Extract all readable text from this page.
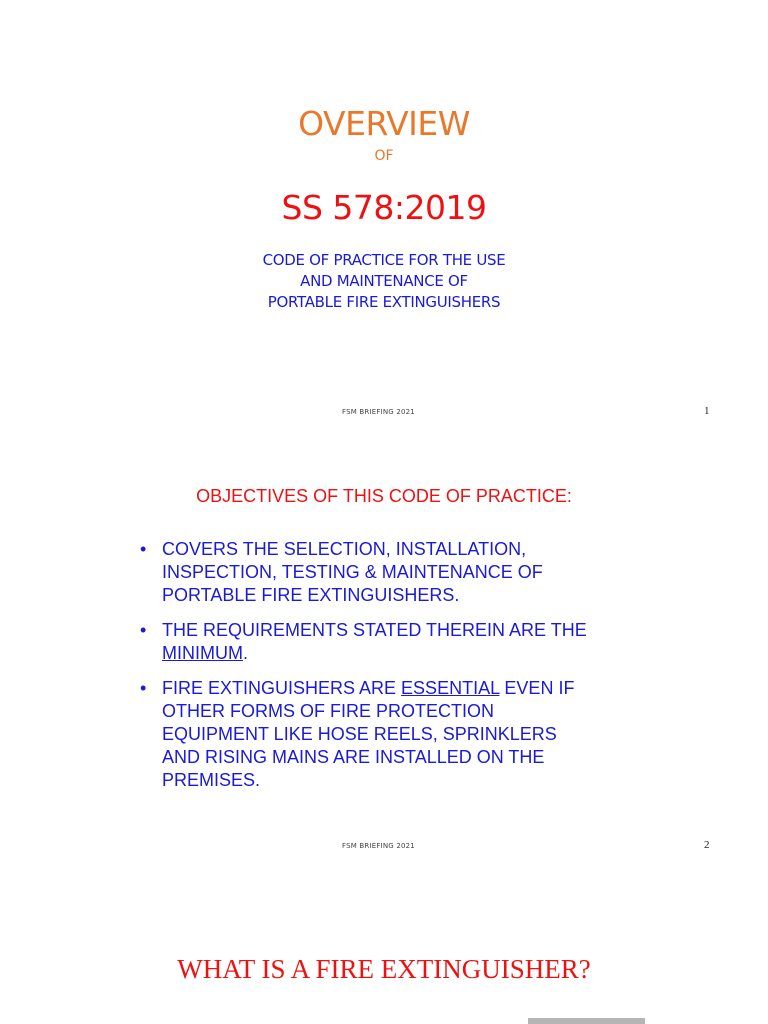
OVERVIEW
OF
SS 578:2019
CODE OF PRACTICE FOR THE USE
AND MAINTENANCE OF
PORTABLE FIRE EXTINGUISHERS
FSM BRIEFING 2021	1
OBJECTIVES OF THIS CODE OF PRACTICE:
• COVERS THE SELECTION, INSTALLATION, INSPECTION, TESTING & MAINTENANCE OF PORTABLE FIRE EXTINGUISHERS.
• THE REQUIREMENTS STATED THEREIN ARE THE MINIMUM.
• FIRE EXTINGUISHERS ARE ESSENTIAL EVEN IF OTHER FORMS OF FIRE PROTECTION EQUIPMENT LIKE HOSE REELS, SPRINKLERS AND RISING MAINS ARE INSTALLED ON THE PREMISES.
FSM BRIEFING 2021	2
WHAT IS A FIRE EXTINGUISHER?
